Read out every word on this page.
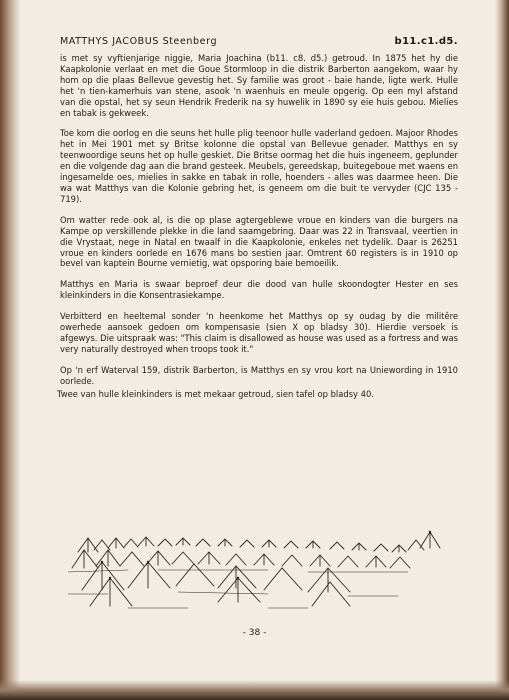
MATTHYS JACOBUS Steenberg	b11.c1.d5.

is met sy vyftienjarige niggie, Maria Joachina (b11. c8. d5.) getroud. In 1875 het hy die Kaapkolonie verlaat en met die Goue Stormloop in die distrik Barberton aangekom, waar hy hom op die plaas Bellevue gevestig het. Sy familie was groot - baie hande, ligte werk. Hulle het 'n tien-kamerhuis van stene, asook 'n waenhuis en meule opgerig. Op een myl afstand van die opstal, het sy seun Hendrik Frederik na sy huwelik in 1890 sy eie huis gebou. Mielies en tabak is gekweek.

Toe kom die oorlog en die seuns het hulle plig teenoor hulle vaderland gedoen. Majoor Rhodes het in Mei 1901 met sy Britse kolonne die opstal van Bellevue genader. Matthys en sy teenwoordige seuns het op hulle geskiet. Die Britse oormag het die huis ingeneem, geplunder en die volgende dag aan die brand gesteek. Meubels, gereedskap, buitegeboue met waens en ingesamelde oes, mielies in sakke en tabak in rolle, hoenders - alles was daarmee heen. Die wa wat Matthys van die Kolonie gebring het, is geneem om die buit te vervyder (CJC 135 - 719).

Om watter rede ook al, is die op plase agtergeblewe vroue en kinders van die burgers na Kampe op verskillende plekke in die land saamgebring. Daar was 22 in Transvaal, veertien in die Vrystaat, nege in Natal en twaalf in die Kaapkolonie, enkeles net tydelik. Daar is 26251 vroue en kinders oorlede en 1676 mans bo sestien jaar. Omtrent 60 registers is in 1910 op bevel van kaptein Bourne vernietig, wat opsporing baie bemoeilik.

Matthys en Maria is swaar beproef deur die dood van hulle skoondogter Hester en ses kleinkinders in die Konsentrasiekampe.

Verbitterd en heeltemal sonder 'n heenkome het Matthys op sy oudag by die militêre owerhede aansoek gedoen om kompensasie (sien X op bladsy 30). Hierdie versoek is afgewys. Die uitspraak was: "This claim is disallowed as house was used as a fortress and was very naturally destroyed when troops took it."

Op 'n erf Waterval 159, distrik Barberton, is Matthys en sy vrou kort na Uniewording in 1910 oorlede.

Twee van hulle kleinkinders is met mekaar getroud, sien tafel op bladsy 40.

- 38 -
